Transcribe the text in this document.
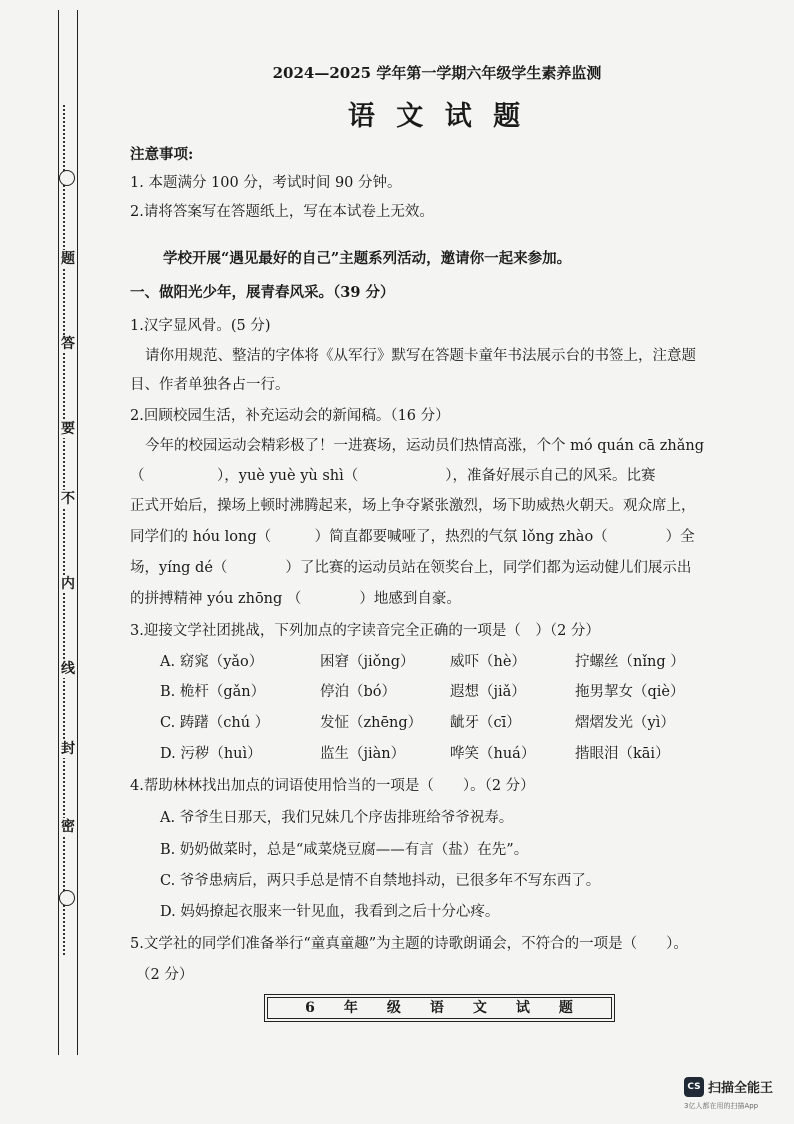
题
答
要
不
内
线
封
密
2024—2025 学年第一学期六年级学生素养监测
语 文 试 题
注意事项:
1. 本题满分 100 分，考试时间 90 分钟。
2.请将答案写在答题纸上，写在本试卷上无效。
学校开展“遇见最好的自己”主题系列活动，邀请你一起来参加。
一、做阳光少年，展青春风采。（39 分）
1.汉字显风骨。(5 分)
请你用规范、整洁的字体将《从军行》默写在答题卡童年书法展示台的书签上，注意题
目、作者单独各占一行。
2.回顾校园生活，补充运动会的新闻稿。（16 分）
今年的校园运动会精彩极了！一进赛场，运动员们热情高涨，个个 mó quán cā zhǎng
（　　　　　），yuè yuè yù shì（　　　　　　），准备好展示自己的风采。比赛
正式开始后，操场上顿时沸腾起来，场上争夺紧张激烈，场下助威热火朝天。观众席上，
同学们的 hóu long（　　　）简直都要喊哑了，热烈的气氛 lǒng zhào（　　　　）全
场，yíng dé（　　　　）了比赛的运动员站在领奖台上，同学们都为运动健儿们展示出
的拼搏精神 yóu zhōng （　　　　）地感到自豪。
3.迎接文学社团挑战，下列加点的字读音完全正确的一项是（　）（2 分）
A. 窈窕（yǎo）	困窘（jiǒng） 威吓（hè）	拧螺丝（nǐng ）
B. 桅杆（gǎn）	停泊（bó）	遐想（jiǎ）	拖男挈女（qiè）
C. 踌躇（chú ）	发怔（zhēng） 龇牙（cī）	熠熠发光（yì）
D. 污秽（huì）	监生（jiàn）	哗笑（huá）	揩眼泪（kāi）
4.帮助林林找出加点的词语使用恰当的一项是（　　）。（2 分）
A. 爷爷生日那天，我们兄妹几个序齿排班给爷爷祝寿。
B. 奶奶做菜时，总是“咸菜烧豆腐——有言（盐）在先”。
C. 爷爷患病后，两只手总是情不自禁地抖动，已很多年不写东西了。
D. 妈妈撩起衣服来一针见血，我看到之后十分心疼。
5.文学社的同学们准备举行“童真童趣”为主题的诗歌朗诵会，不符合的一项是（　　）。
（2 分）
6 年 级 语 文 试 题
CS 扫描全能王
3亿人都在用的扫描App
